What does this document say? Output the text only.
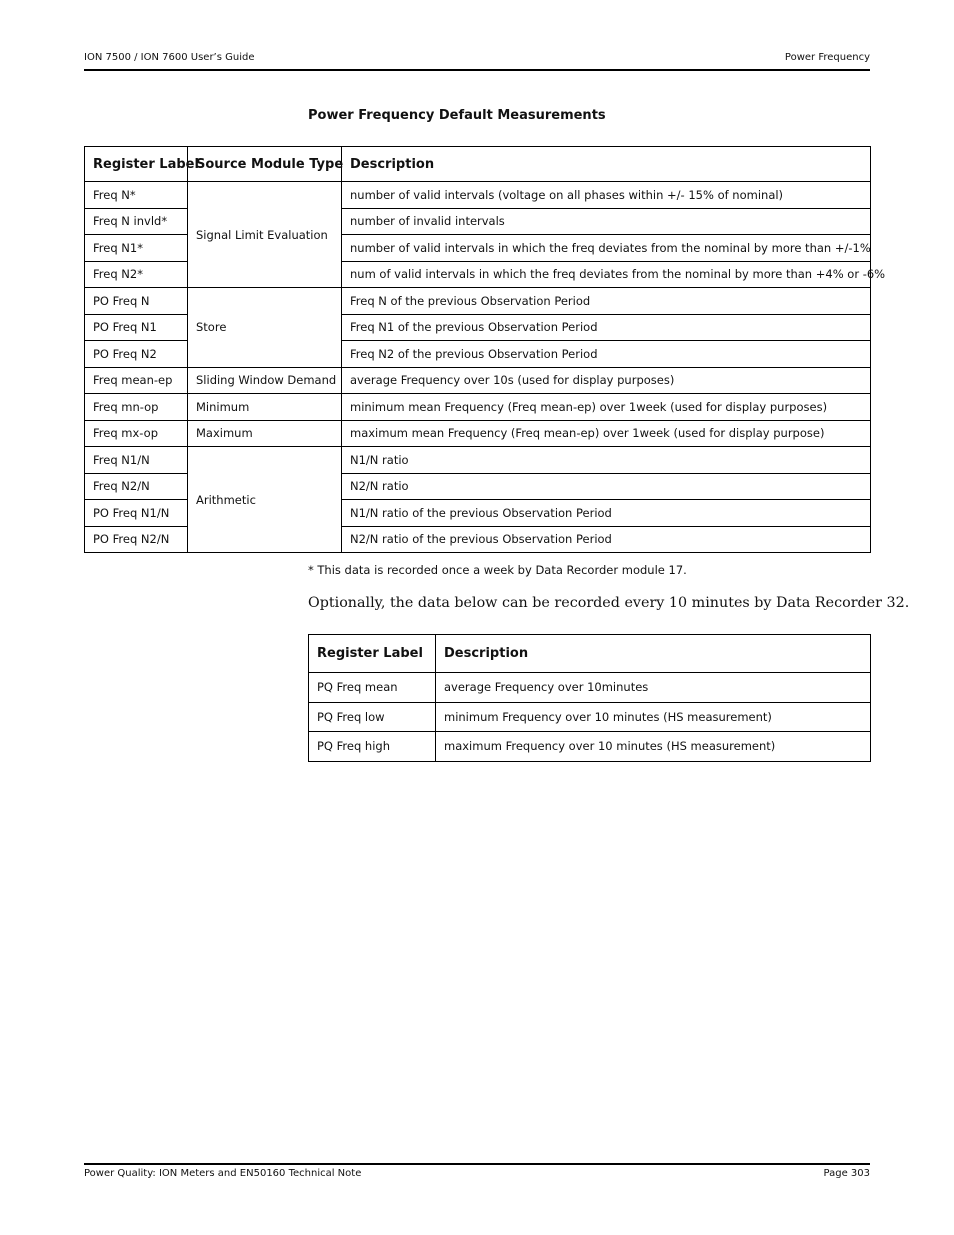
ION 7500 / ION 7600 User’s Guide	Power Frequency
Power Frequency Default Measurements
Register Label	Source Module Type	Description
Freq N*	Signal Limit Evaluation	number of valid intervals (voltage on all phases within +/- 15% of nominal)
Freq N invld*		number of invalid intervals
Freq N1*		number of valid intervals in which the freq deviates from the nominal by more than +/-1%
Freq N2*		num of valid intervals in which the freq deviates from the nominal by more than +4% or -6%
PO Freq N	Store	Freq N of the previous Observation Period
PO Freq N1		Freq N1 of the previous Observation Period
PO Freq N2		Freq N2 of the previous Observation Period
Freq mean-ep	Sliding Window Demand	average Frequency over 10s (used for display purposes)
Freq mn-op	Minimum	minimum mean Frequency (Freq mean-ep) over 1week (used for display purposes)
Freq mx-op	Maximum	maximum mean Frequency (Freq mean-ep) over 1week (used for display purpose)
Freq N1/N	Arithmetic	N1/N ratio
Freq N2/N		N2/N ratio
PO Freq N1/N		N1/N ratio of the previous Observation Period
PO Freq N2/N		N2/N ratio of the previous Observation Period
* This data is recorded once a week by Data Recorder module 17.
Optionally, the data below can be recorded every 10 minutes by Data Recorder 32.
Register Label	Description
PQ Freq mean	average Frequency over 10minutes
PQ Freq low	minimum Frequency over 10 minutes (HS measurement)
PQ Freq high	maximum Frequency over 10 minutes (HS measurement)
Power Quality: ION Meters and EN50160 Technical Note	Page 303
